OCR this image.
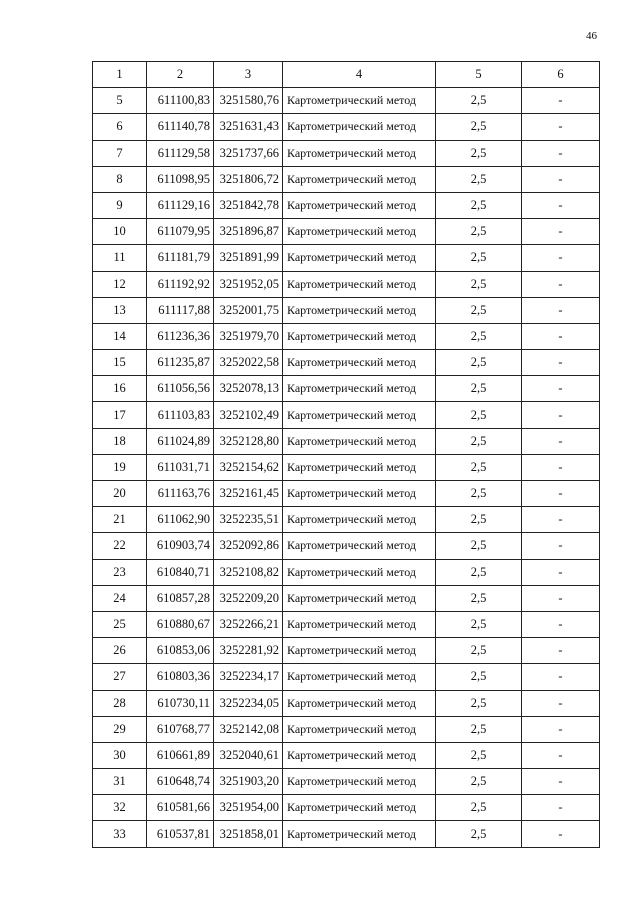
46
1	2	3	4	5	6
5	611100,83	3251580,76	Картометрический метод	2,5	-
6	611140,78	3251631,43	Картометрический метод	2,5	-
7	611129,58	3251737,66	Картометрический метод	2,5	-
8	611098,95	3251806,72	Картометрический метод	2,5	-
9	611129,16	3251842,78	Картометрический метод	2,5	-
10	611079,95	3251896,87	Картометрический метод	2,5	-
11	611181,79	3251891,99	Картометрический метод	2,5	-
12	611192,92	3251952,05	Картометрический метод	2,5	-
13	611117,88	3252001,75	Картометрический метод	2,5	-
14	611236,36	3251979,70	Картометрический метод	2,5	-
15	611235,87	3252022,58	Картометрический метод	2,5	-
16	611056,56	3252078,13	Картометрический метод	2,5	-
17	611103,83	3252102,49	Картометрический метод	2,5	-
18	611024,89	3252128,80	Картометрический метод	2,5	-
19	611031,71	3252154,62	Картометрический метод	2,5	-
20	611163,76	3252161,45	Картометрический метод	2,5	-
21	611062,90	3252235,51	Картометрический метод	2,5	-
22	610903,74	3252092,86	Картометрический метод	2,5	-
23	610840,71	3252108,82	Картометрический метод	2,5	-
24	610857,28	3252209,20	Картометрический метод	2,5	-
25	610880,67	3252266,21	Картометрический метод	2,5	-
26	610853,06	3252281,92	Картометрический метод	2,5	-
27	610803,36	3252234,17	Картометрический метод	2,5	-
28	610730,11	3252234,05	Картометрический метод	2,5	-
29	610768,77	3252142,08	Картометрический метод	2,5	-
30	610661,89	3252040,61	Картометрический метод	2,5	-
31	610648,74	3251903,20	Картометрический метод	2,5	-
32	610581,66	3251954,00	Картометрический метод	2,5	-
33	610537,81	3251858,01	Картометрический метод	2,5	-
